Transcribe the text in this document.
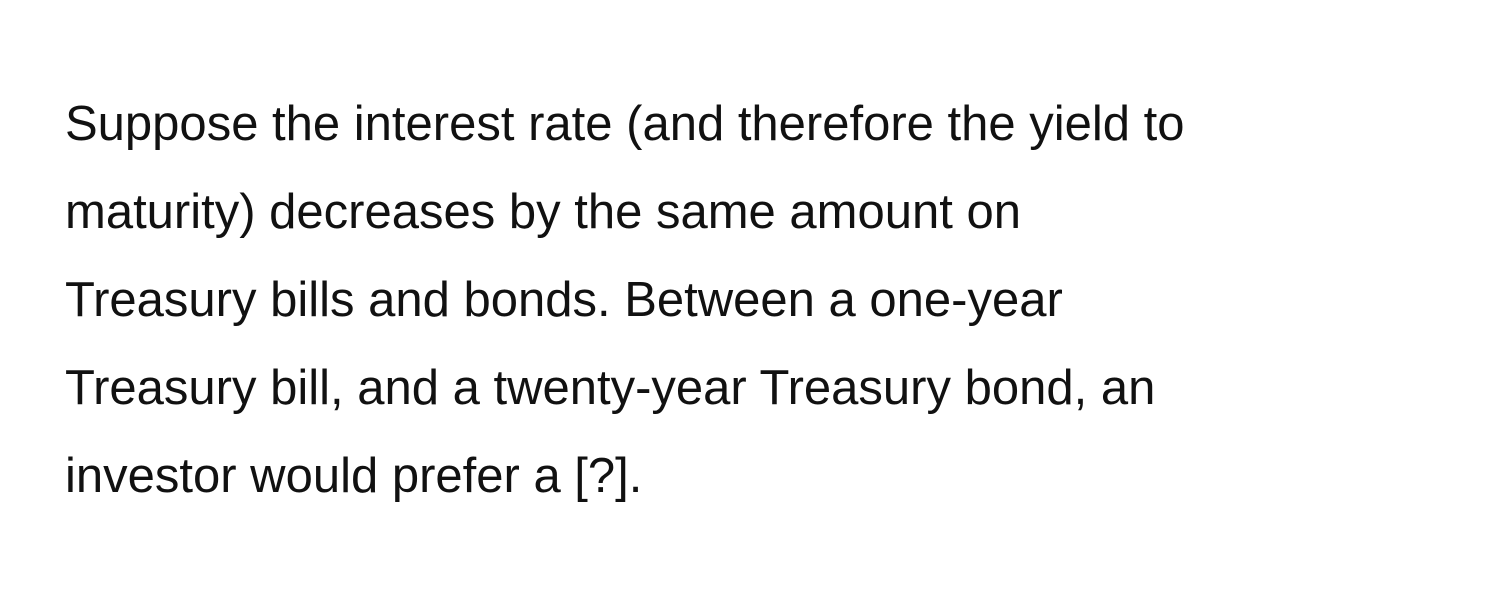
Suppose the interest rate (and therefore the yield to
maturity) decreases by the same amount on
Treasury bills and bonds. Between a one-year
Treasury bill, and a twenty-year Treasury bond, an
investor would prefer a [?].
